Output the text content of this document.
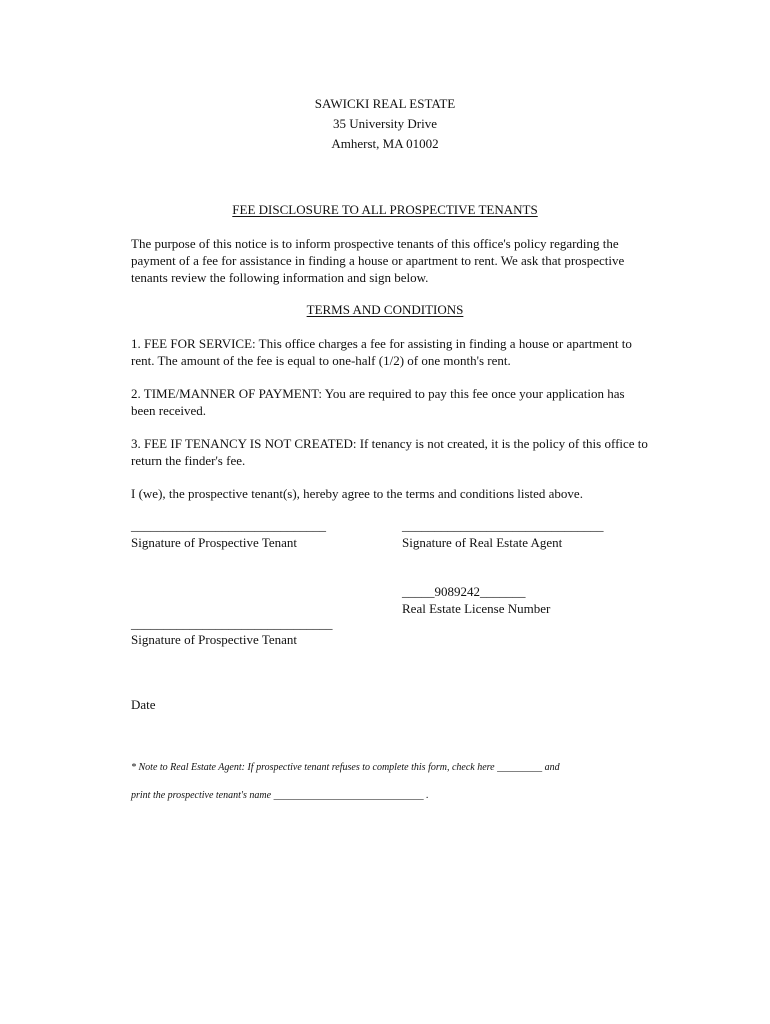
SAWICKI REAL ESTATE

35 University Drive

Amherst, MA 01002

FEE DISCLOSURE TO ALL PROSPECTIVE TENANTS

The purpose of this notice is to inform prospective tenants of this office's policy regarding the payment of a fee for assistance in finding a house or apartment to rent. We ask that prospective tenants review the following information and sign below.

TERMS AND CONDITIONS

1. FEE FOR SERVICE: This office charges a fee for assisting in finding a house or apartment to rent. The amount of the fee is equal to one-half (1/2) of one month's rent.

2. TIME/MANNER OF PAYMENT: You are required to pay this fee once your application has been received.

3. FEE IF TENANCY IS NOT CREATED: If tenancy is not created, it is the policy of this office to return the finder's fee.

I (we), the prospective tenant(s), hereby agree to the terms and conditions listed above.

______________________________

Signature of Prospective Tenant

_______________________________

Signature of Real Estate Agent

_____9089242_______

Real Estate License Number

_______________________________

Signature of Prospective Tenant

Date

* Note to Real Estate Agent: If prospective tenant refuses to complete this form, check here _________ and

print the prospective tenant's name ______________________________ .
